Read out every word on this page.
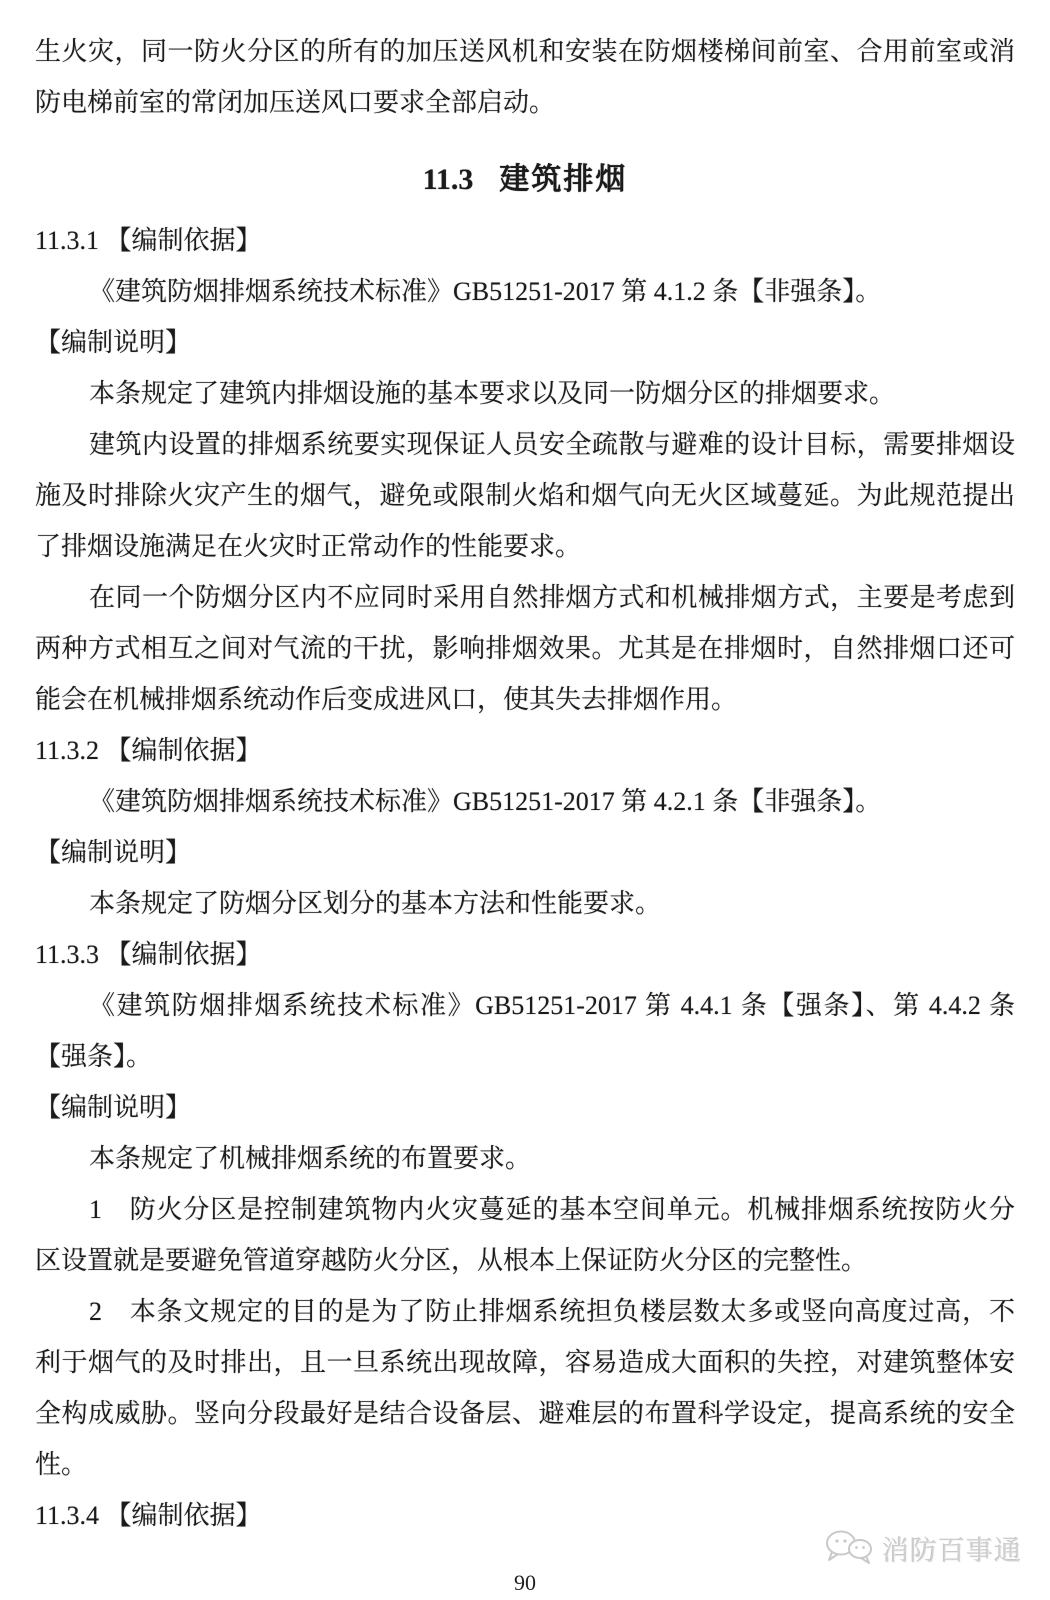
生火灾，同一防火分区的所有的加压送风机和安装在防烟楼梯间前室、合用前室或消
防电梯前室的常闭加压送风口要求全部启动。
11.3 建筑排烟
11.3.1 【编制依据】
《建筑防烟排烟系统技术标准》GB51251-2017 第 4.1.2 条【非强条】。
【编制说明】
本条规定了建筑内排烟设施的基本要求以及同一防烟分区的排烟要求。
建筑内设置的排烟系统要实现保证人员安全疏散与避难的设计目标，需要排烟设
施及时排除火灾产生的烟气，避免或限制火焰和烟气向无火区域蔓延。为此规范提出
了排烟设施满足在火灾时正常动作的性能要求。
在同一个防烟分区内不应同时采用自然排烟方式和机械排烟方式，主要是考虑到
两种方式相互之间对气流的干扰，影响排烟效果。尤其是在排烟时，自然排烟口还可
能会在机械排烟系统动作后变成进风口，使其失去排烟作用。
11.3.2 【编制依据】
《建筑防烟排烟系统技术标准》GB51251-2017 第 4.2.1 条【非强条】。
【编制说明】
本条规定了防烟分区划分的基本方法和性能要求。
11.3.3 【编制依据】
《建筑防烟排烟系统技术标准》GB51251-2017 第 4.4.1 条【强条】、第 4.4.2 条
【强条】。
【编制说明】
本条规定了机械排烟系统的布置要求。
1　防火分区是控制建筑物内火灾蔓延的基本空间单元。机械排烟系统按防火分
区设置就是要避免管道穿越防火分区，从根本上保证防火分区的完整性。
2　本条文规定的目的是为了防止排烟系统担负楼层数太多或竖向高度过高，不
利于烟气的及时排出，且一旦系统出现故障，容易造成大面积的失控，对建筑整体安
全构成威胁。竖向分段最好是结合设备层、避难层的布置科学设定，提高系统的安全
性。
11.3.4 【编制依据】
消防百事通
90
